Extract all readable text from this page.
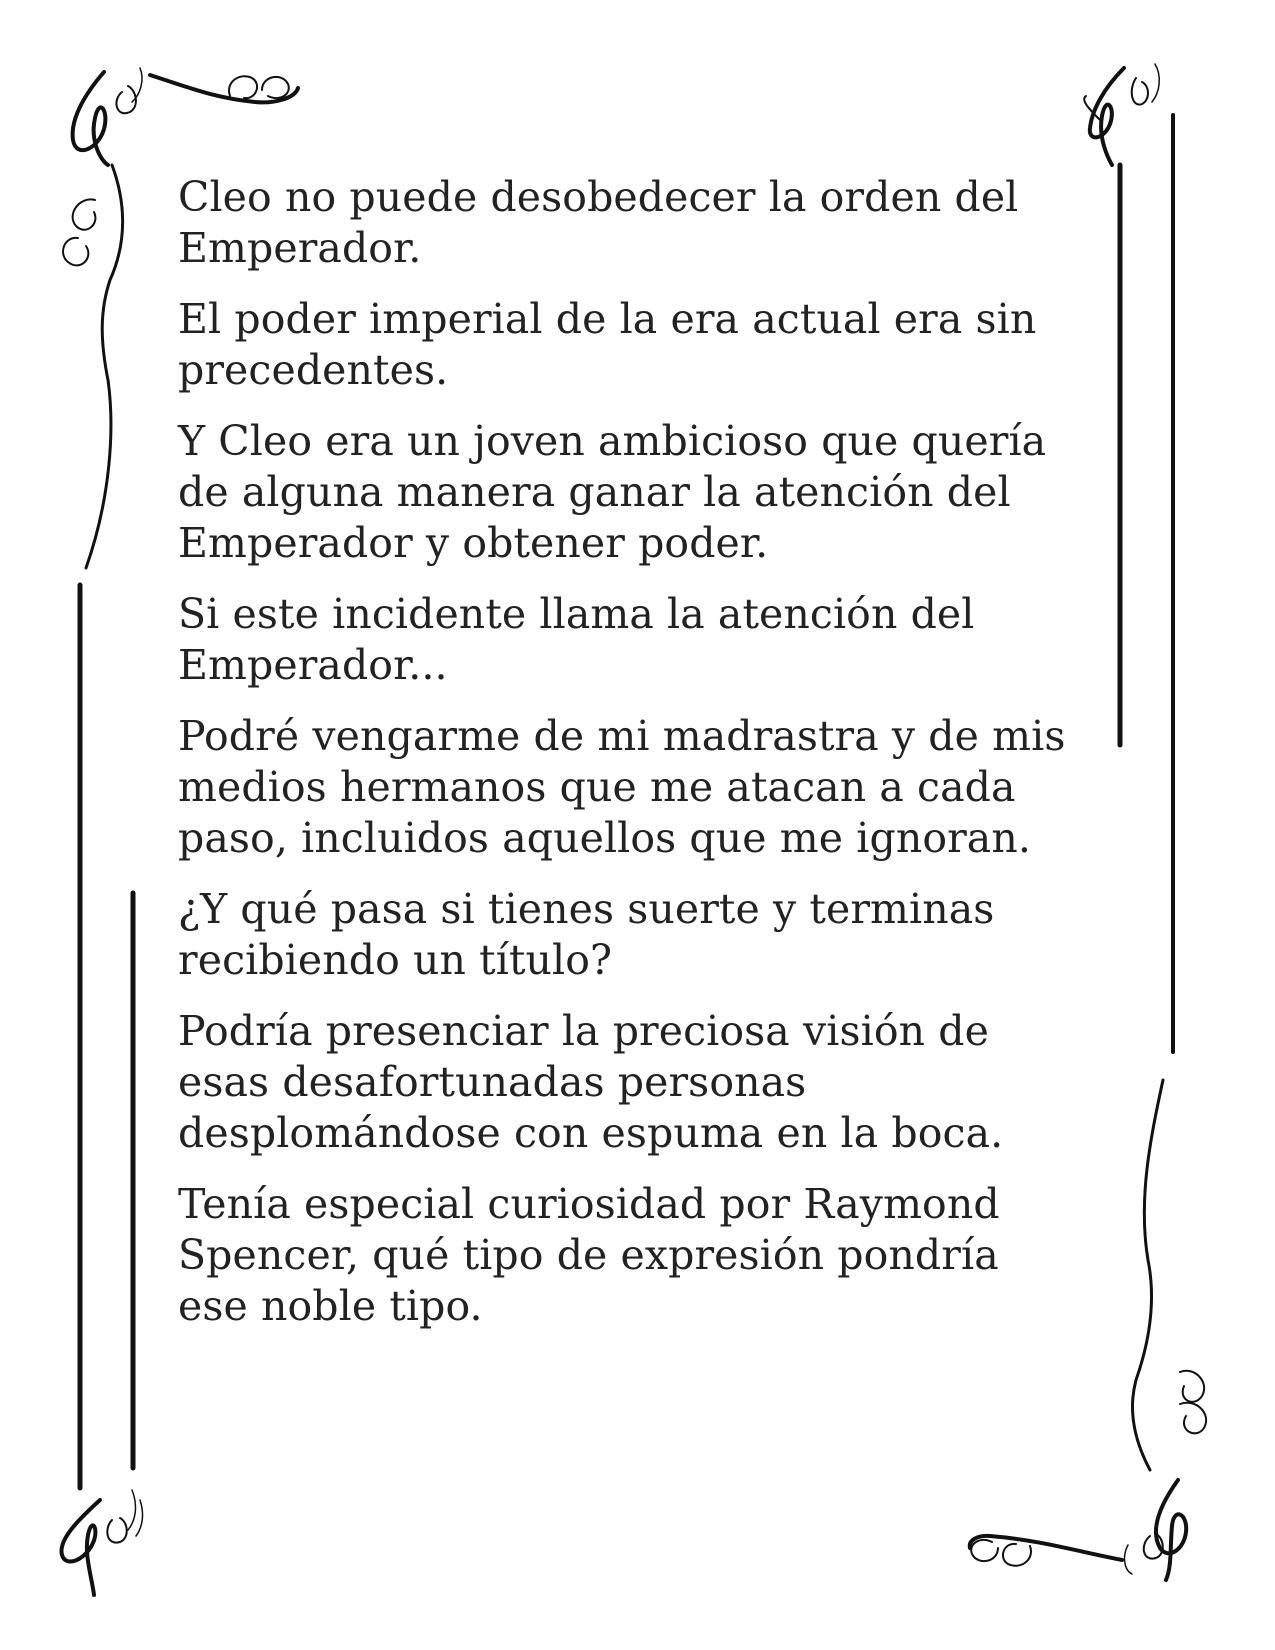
Cleo no puede desobedecer la orden del Emperador.

El poder imperial de la era actual era sin precedentes.

Y Cleo era un joven ambicioso que quería de alguna manera ganar la atención del Emperador y obtener poder.

Si este incidente llama la atención del Emperador...

Podré vengarme de mi madrastra y de mis medios hermanos que me atacan a cada paso, incluidos aquellos que me ignoran.

¿Y qué pasa si tienes suerte y terminas recibiendo un título?

Podría presenciar la preciosa visión de esas desafortunadas personas desplomándose con espuma en la boca.

Tenía especial curiosidad por Raymond Spencer, qué tipo de expresión pondría ese noble tipo.
